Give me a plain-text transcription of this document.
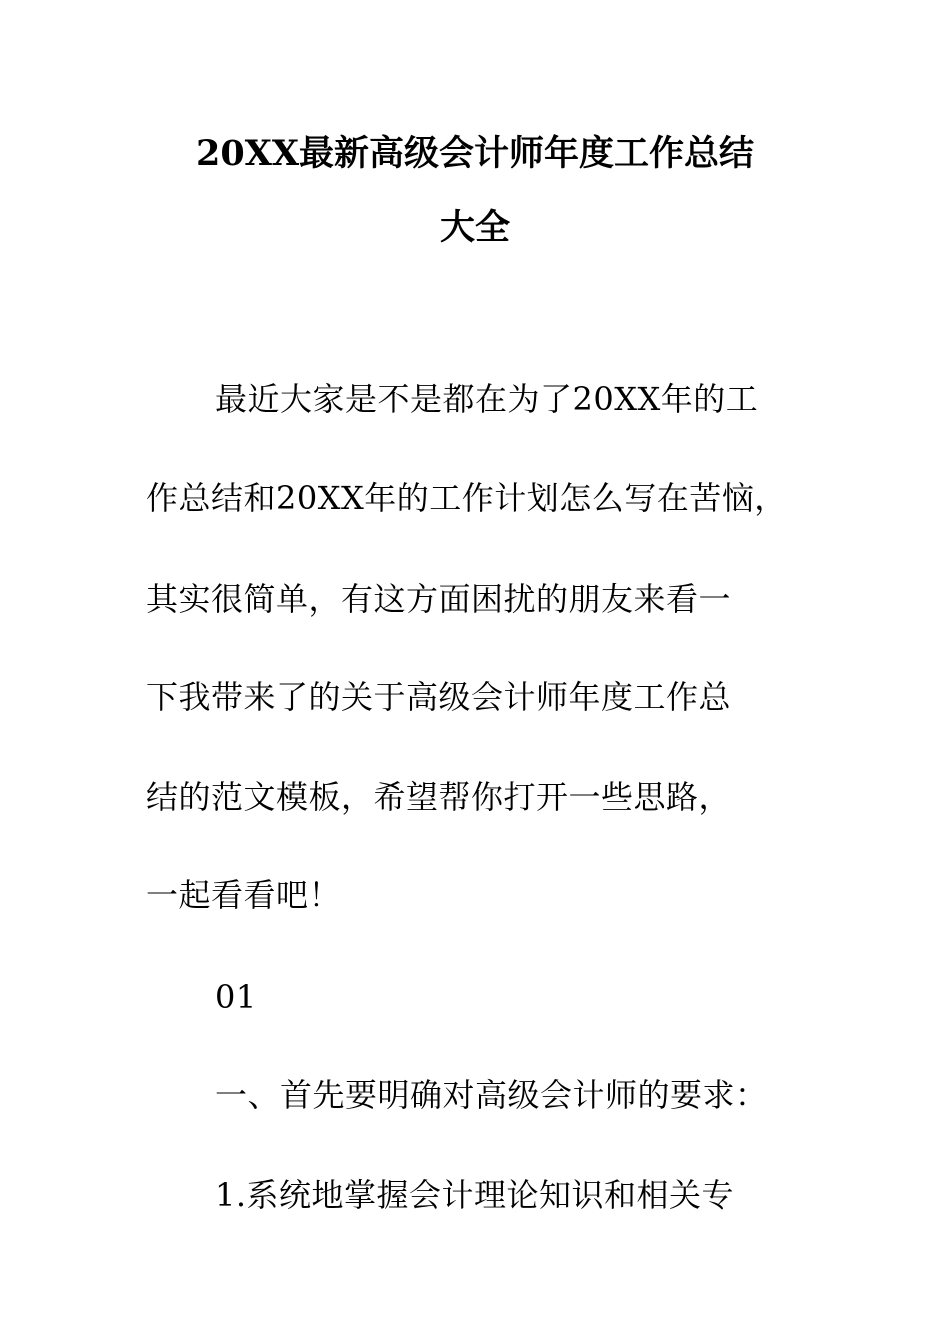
20XX最新高级会计师年度工作总结
大全
最近大家是不是都在为了20XX年的工
作总结和20XX年的工作计划怎么写在苦恼，
其实很简单，有这方面困扰的朋友来看一
下我带来了的关于高级会计师年度工作总
结的范文模板，希望帮你打开一些思路，
一起看看吧！
01
一、首先要明确对高级会计师的要求：
1.系统地掌握会计理论知识和相关专
